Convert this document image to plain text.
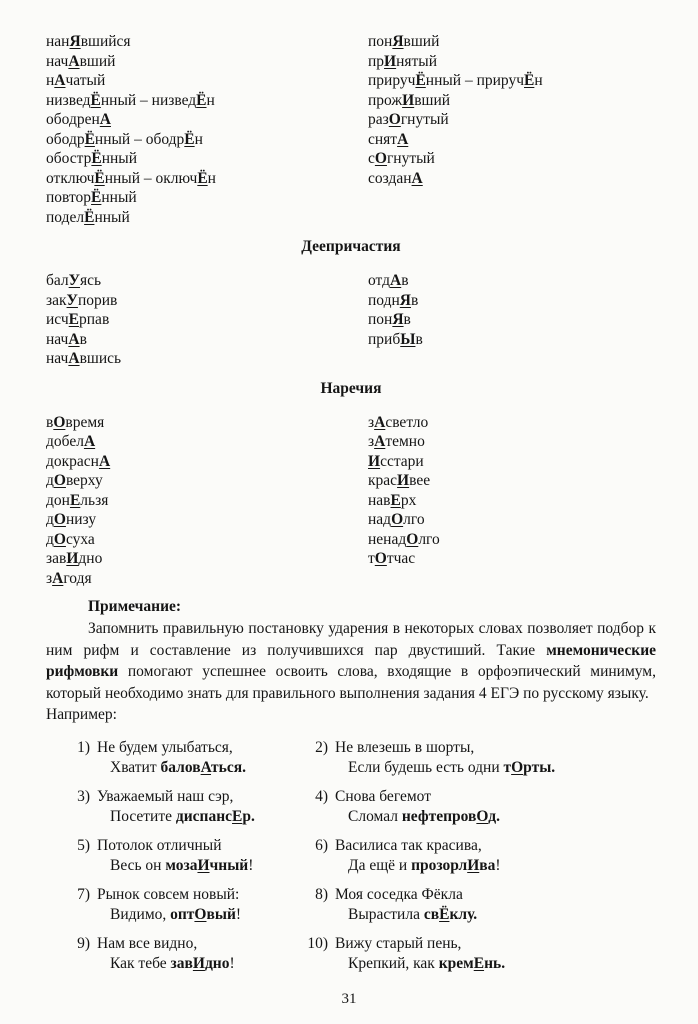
нанЯвшийся
начАвший
нАчатый
низведЁнный – низведЁн
ободренА
ободрЁнный – ободрЁн
обострЁнный
отключЁнный – оключЁн
повторЁнный
поделЁнный
понЯвший
прИнятый
приручЁнный – приручЁн
прожИвший
разОгнутый
снятА
сОгнутый
созданА
Деепричастия
балУясь
закУпорив
исчЕрпав
начАв
начАвшись
отдАв
поднЯв
понЯв
прибЫв
Наречия
вОвремя
добелА
докраснА
дОверху
донЕльзя
дОнизу
дОсуха
завИдно
зАгодя
зАсветло
зАтемно
Исстари
красИвее
навЕрх
надОлго
ненадОлго
тОтчас

Примечание:

Запомнить правильную постановку ударения в некоторых словах позволяет подбор к ним рифм и составление из получившихся пар двустиший. Такие мнемонические рифмовки помогают успешнее освоить слова, входящие в орфоэпический минимум, который необходимо знать для правильного выполнения задания 4 ЕГЭ по русскому языку.

Например:

1) Не будем улыбаться,
Хватит баловАться.
3) Уважаемый наш сэр,
Посетите диспансЕр.
5) Потолок отличный
Весь он мозаИчный!
7) Рынок совсем новый:
Видимо, оптОвый!
9) Нам все видно,
Как тебе завИдно!
2) Не влезешь в шорты,
Если будешь есть одни тОрты.
4) Снова бегемот
Сломал нефтепровОд.
6) Василиса так красива,
Да ещё и прозорлИва!
8) Моя соседка Фёкла
Вырастила свЁклу.
10) Вижу старый пень,
Крепкий, как кремЕнь.
31
